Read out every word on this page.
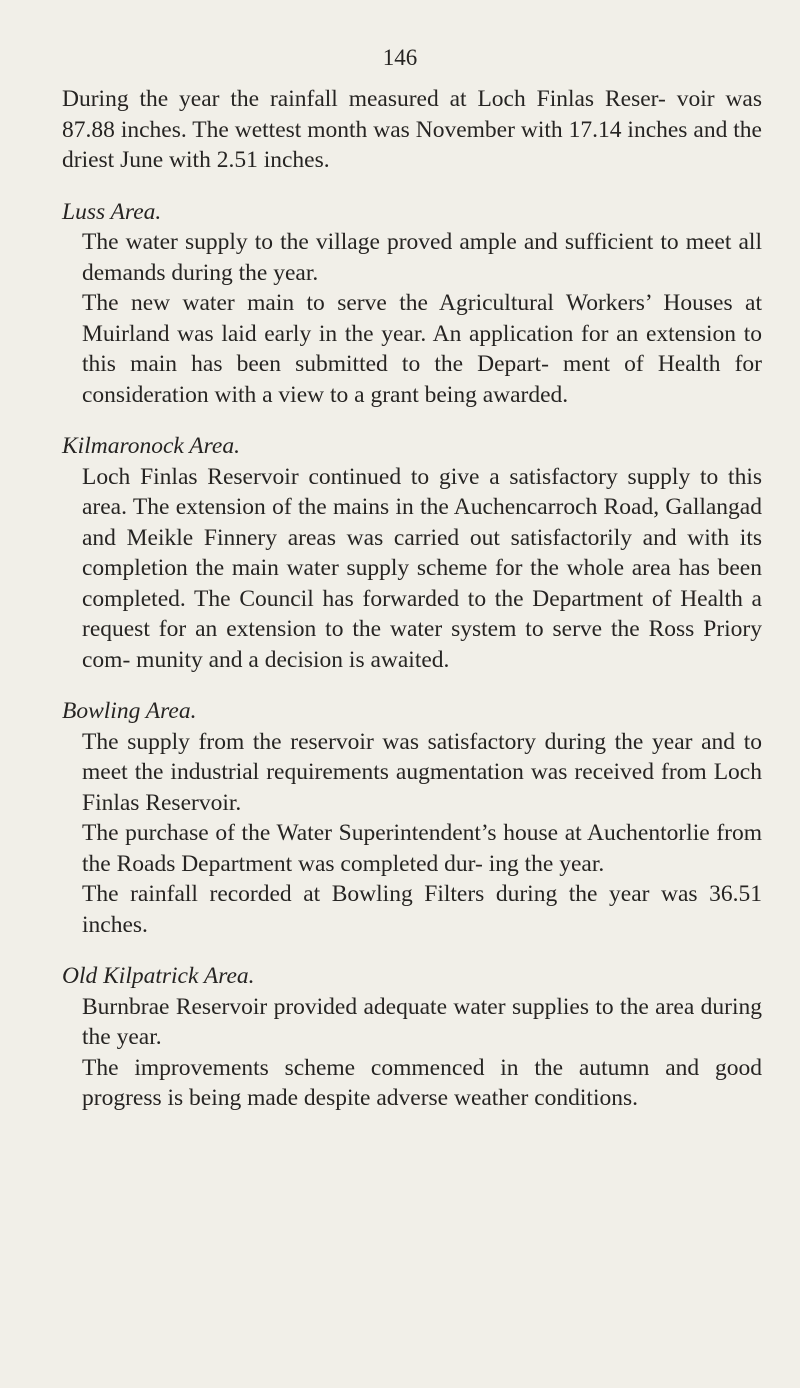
146

During the year the rainfall measured at Loch Finlas Reser- voir was 87.88 inches. The wettest month was November with 17.14 inches and the driest June with 2.51 inches.

Luss Area.

The water supply to the village proved ample and sufficient to meet all demands during the year.

The new water main to serve the Agricultural Workers’ Houses at Muirland was laid early in the year. An application for an extension to this main has been submitted to the Depart- ment of Health for consideration with a view to a grant being awarded.

Kilmaronock Area.

Loch Finlas Reservoir continued to give a satisfactory supply to this area. The extension of the mains in the Auchencarroch Road, Gallangad and Meikle Finnery areas was carried out satisfactorily and with its completion the main water supply scheme for the whole area has been completed. The Council has forwarded to the Department of Health a request for an extension to the water system to serve the Ross Priory com- munity and a decision is awaited.

Bowling Area.

The supply from the reservoir was satisfactory during the year and to meet the industrial requirements augmentation was received from Loch Finlas Reservoir.

The purchase of the Water Superintendent’s house at Auchentorlie from the Roads Department was completed dur- ing the year.

The rainfall recorded at Bowling Filters during the year was 36.51 inches.

Old Kilpatrick Area.

Burnbrae Reservoir provided adequate water supplies to the area during the year.

The improvements scheme commenced in the autumn and good progress is being made despite adverse weather conditions.
